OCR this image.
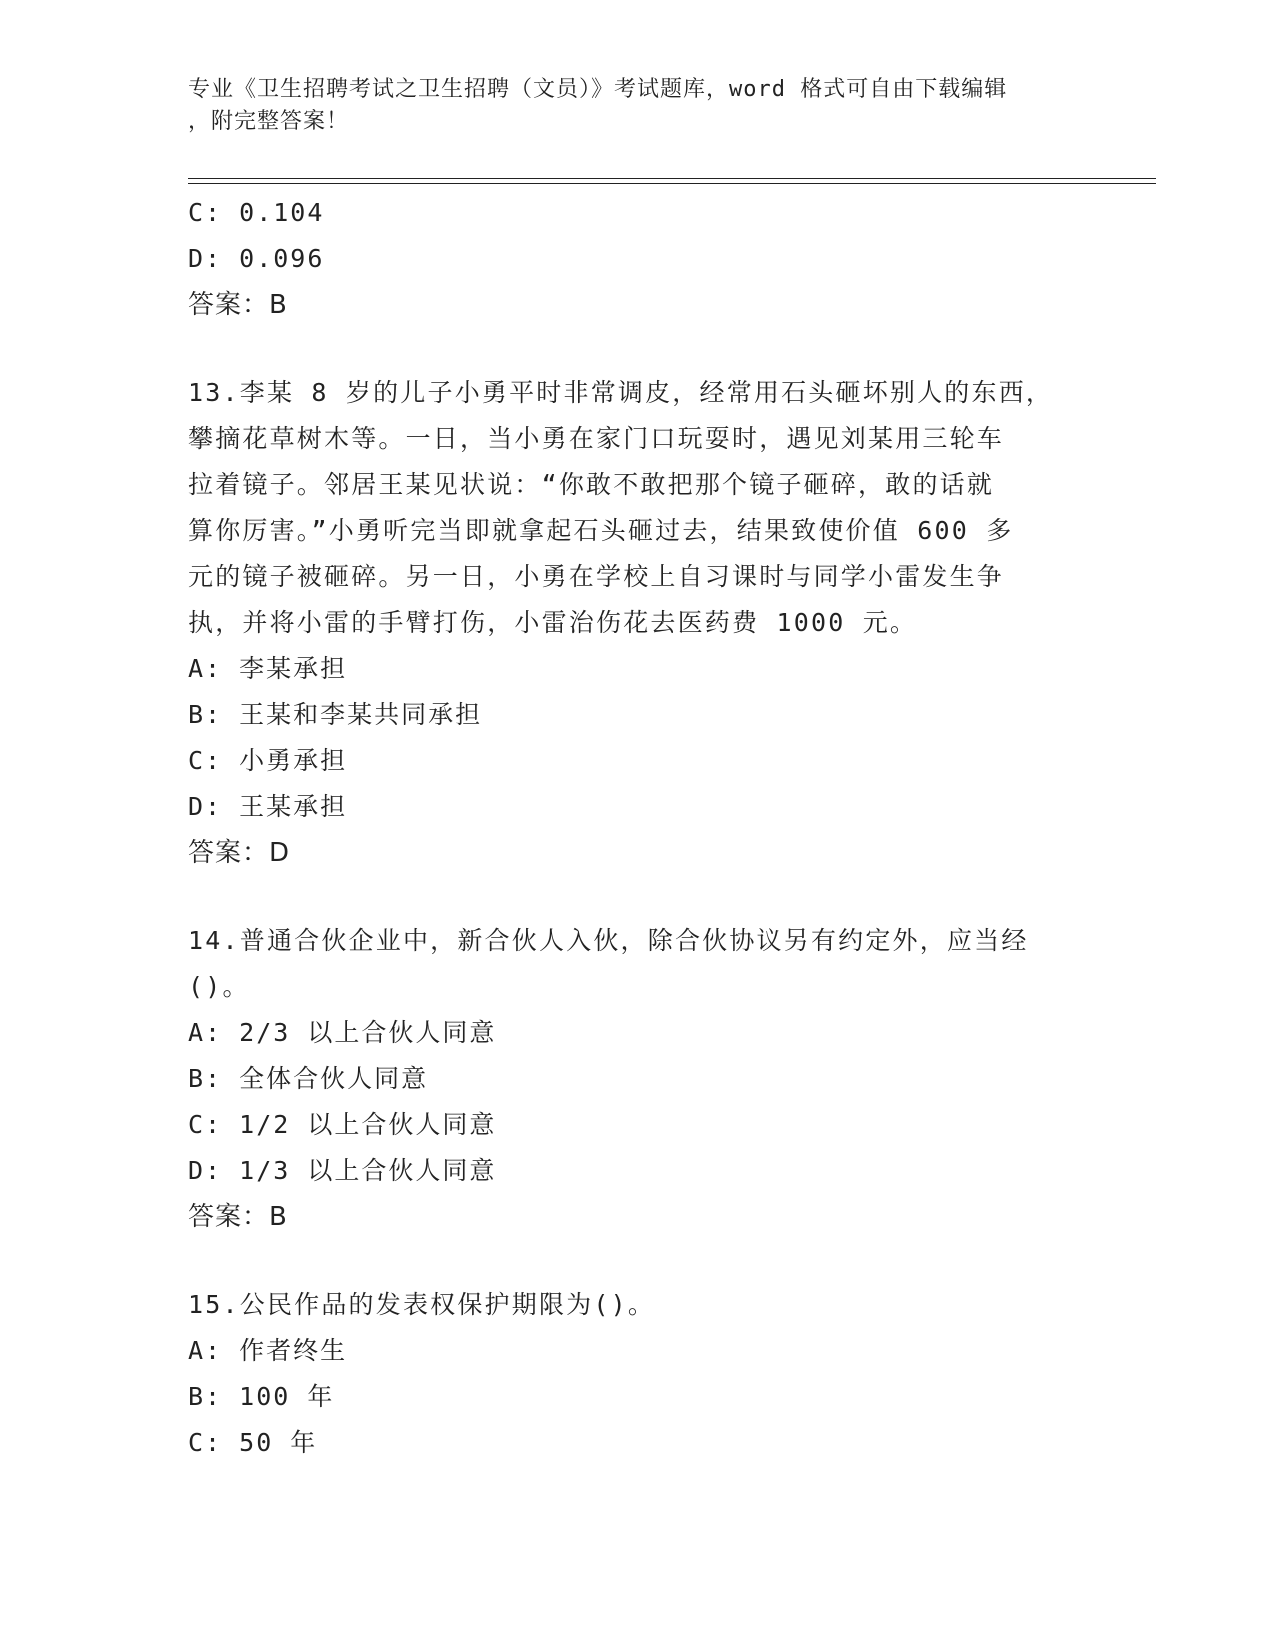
专业《卫生招聘考试之卫生招聘（文员）》考试题库，word 格式可自由下载编辑
，附完整答案！
C: 0.104
D: 0.096
答案：B
13.李某 8 岁的儿子小勇平时非常调皮，经常用石头砸坏别人的东西，
攀摘花草树木等。一日，当小勇在家门口玩耍时，遇见刘某用三轮车
拉着镜子。邻居王某见状说：“你敢不敢把那个镜子砸碎，敢的话就
算你厉害。”小勇听完当即就拿起石头砸过去，结果致使价值 600 多
元的镜子被砸碎。另一日，小勇在学校上自习课时与同学小雷发生争
执，并将小雷的手臂打伤，小雷治伤花去医药费 1000 元。
A: 李某承担
B: 王某和李某共同承担
C: 小勇承担
D: 王某承担
答案：D
14.普通合伙企业中，新合伙人入伙，除合伙协议另有约定外，应当经
()。
A: 2/3 以上合伙人同意
B: 全体合伙人同意
C: 1/2 以上合伙人同意
D: 1/3 以上合伙人同意
答案：B
15.公民作品的发表权保护期限为()。
A: 作者终生
B: 100 年
C: 50 年
